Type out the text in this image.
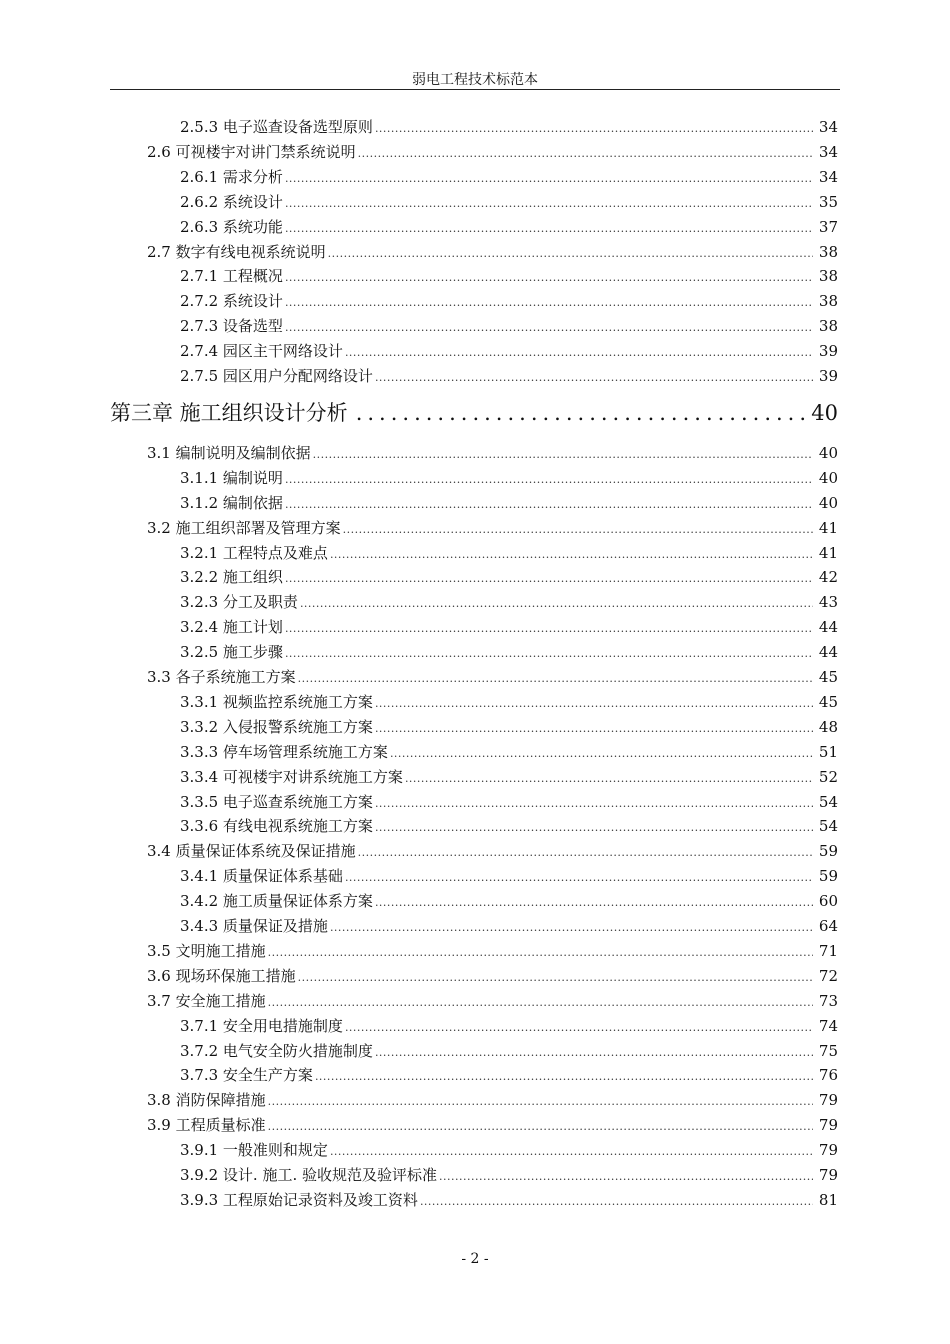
弱电工程技术标范本
2.5.3 电子巡查设备选型原则 .....	34
2.6 可视楼宇对讲门禁系统说明 .....	34
2.6.1 需求分析 .....	34
2.6.2 系统设计 .....	35
2.6.3 系统功能 .....	37
2.7 数字有线电视系统说明 .....	38
2.7.1 工程概况 .....	38
2.7.2 系统设计 .....	38
2.7.3 设备选型 .....	38
2.7.4 园区主干网络设计 .....	39
2.7.5 园区用户分配网络设计 .....	39
第三章 施工组织设计分析 .....	40
3.1 编制说明及编制依据 .....	40
3.1.1 编制说明 .....	40
3.1.2 编制依据 .....	40
3.2 施工组织部署及管理方案 .....	41
3.2.1 工程特点及难点 .....	41
3.2.2 施工组织 .....	42
3.2.3 分工及职责 .....	43
3.2.4 施工计划 .....	44
3.2.5 施工步骤 .....	44
3.3 各子系统施工方案 .....	45
3.3.1 视频监控系统施工方案 .....	45
3.3.2 入侵报警系统施工方案 .....	48
3.3.3 停车场管理系统施工方案 .....	51
3.3.4 可视楼宇对讲系统施工方案 .....	52
3.3.5 电子巡查系统施工方案 .....	54
3.3.6 有线电视系统施工方案 .....	54
3.4 质量保证体系统及保证措施 .....	59
3.4.1 质量保证体系基础 .....	59
3.4.2 施工质量保证体系方案 .....	60
3.4.3 质量保证及措施 .....	64
3.5 文明施工措施 .....	71
3.6 现场环保施工措施 .....	72
3.7 安全施工措施 .....	73
3.7.1 安全用电措施制度 .....	74
3.7.2 电气安全防火措施制度 .....	75
3.7.3 安全生产方案 .....	76
3.8 消防保障措施 .....	79
3.9 工程质量标准 .....	79
3.9.1 一般准则和规定 .....	79
3.9.2 设计. 施工. 验收规范及验评标准 .....	79
3.9.3 工程原始记录资料及竣工资料 .....	81
- 2 -
